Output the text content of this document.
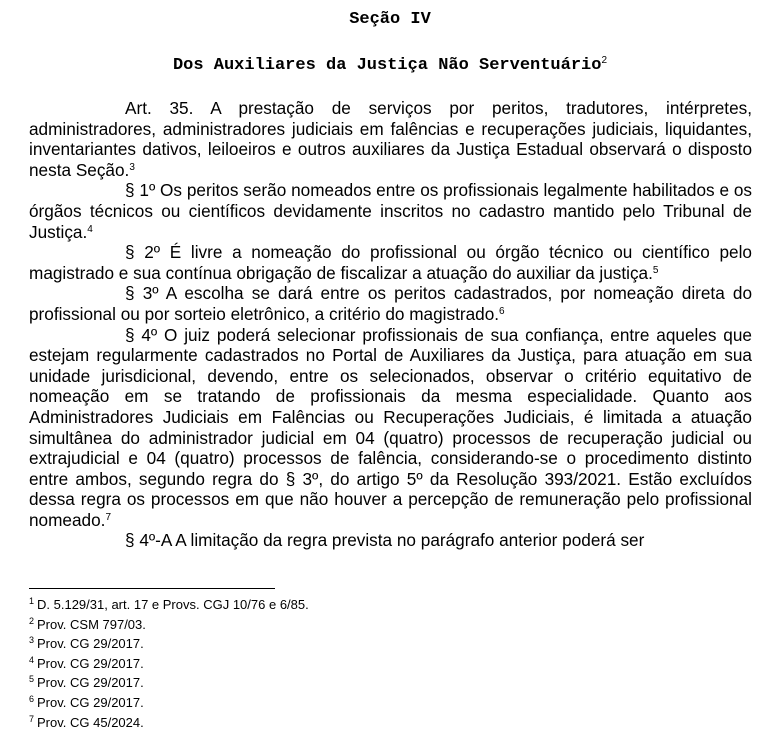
Seção IV
Dos Auxiliares da Justiça Não Serventuário$^2$

Art. 35. A prestação de serviços por peritos, tradutores, intérpretes, administradores, administradores judiciais em falências e recuperações judiciais, liquidantes, inventariantes dativos, leiloeiros e outros auxiliares da Justiça Estadual observará o disposto nesta Seção.$^3$

§ 1º Os peritos serão nomeados entre os profissionais legalmente habilitados e os órgãos técnicos ou científicos devidamente inscritos no cadastro mantido pelo Tribunal de Justiça.$^4$

§ 2º É livre a nomeação do profissional ou órgão técnico ou científico pelo magistrado e sua contínua obrigação de fiscalizar a atuação do auxiliar da justiça.$^5$

§ 3º A escolha se dará entre os peritos cadastrados, por nomeação direta do profissional ou por sorteio eletrônico, a critério do magistrado.$^6$

§ 4º O juiz poderá selecionar profissionais de sua confiança, entre aqueles que estejam regularmente cadastrados no Portal de Auxiliares da Justiça, para atuação em sua unidade jurisdicional, devendo, entre os selecionados, observar o critério equitativo de nomeação em se tratando de profissionais da mesma especialidade. Quanto aos Administradores Judiciais em Falências ou Recuperações Judiciais, é limitada a atuação simultânea do administrador judicial em 04 (quatro) processos de recuperação judicial ou extrajudicial e 04 (quatro) processos de falência, considerando-se o procedimento distinto entre ambos, segundo regra do § 3º, do artigo 5º da Resolução 393/2021. Estão excluídos dessa regra os processos em que não houver a percepção de remuneração pelo profissional nomeado.$^7$

§ 4º-A A limitação da regra prevista no parágrafo anterior poderá ser

$^1$ D. 5.129/31, art. 17 e Provs. CGJ 10/76 e 6/85.

$^2$ Prov. CSM 797/03.

$^3$ Prov. CG 29/2017.

$^4$ Prov. CG 29/2017.

$^5$ Prov. CG 29/2017.

$^6$ Prov. CG 29/2017.

$^7$ Prov. CG 45/2024.
